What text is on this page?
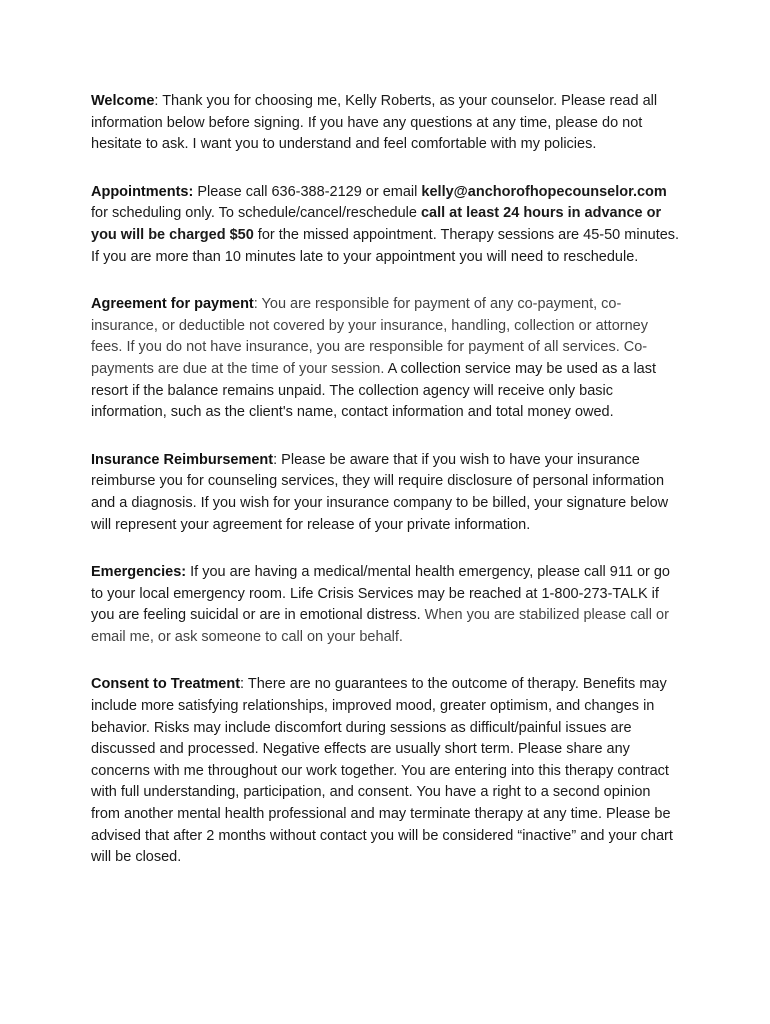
Welcome: Thank you for choosing me, Kelly Roberts, as your counselor. Please read all information below before signing. If you have any questions at any time, please do not hesitate to ask. I want you to understand and feel comfortable with my policies.

Appointments: Please call 636-388-2129 or email kelly@anchorofhopecounselor.com for scheduling only. To schedule/cancel/reschedule call at least 24 hours in advance or you will be charged $50 for the missed appointment. Therapy sessions are 45-50 minutes. If you are more than 10 minutes late to your appointment you will need to reschedule.

Agreement for payment: You are responsible for payment of any co-payment, co-insurance, or deductible not covered by your insurance, handling, collection or attorney fees. If you do not have insurance, you are responsible for payment of all services. Co-payments are due at the time of your session. A collection service may be used as a last resort if the balance remains unpaid. The collection agency will receive only basic information, such as the client's name, contact information and total money owed.

Insurance Reimbursement: Please be aware that if you wish to have your insurance reimburse you for counseling services, they will require disclosure of personal information and a diagnosis. If you wish for your insurance company to be billed, your signature below will represent your agreement for release of your private information.

Emergencies: If you are having a medical/mental health emergency, please call 911 or go to your local emergency room. Life Crisis Services may be reached at 1-800-273-TALK if you are feeling suicidal or are in emotional distress. When you are stabilized please call or email me, or ask someone to call on your behalf.

Consent to Treatment: There are no guarantees to the outcome of therapy. Benefits may include more satisfying relationships, improved mood, greater optimism, and changes in behavior. Risks may include discomfort during sessions as difficult/painful issues are discussed and processed. Negative effects are usually short term. Please share any concerns with me throughout our work together. You are entering into this therapy contract with full understanding, participation, and consent. You have a right to a second opinion from another mental health professional and may terminate therapy at any time. Please be advised that after 2 months without contact you will be considered “inactive” and your chart will be closed.
